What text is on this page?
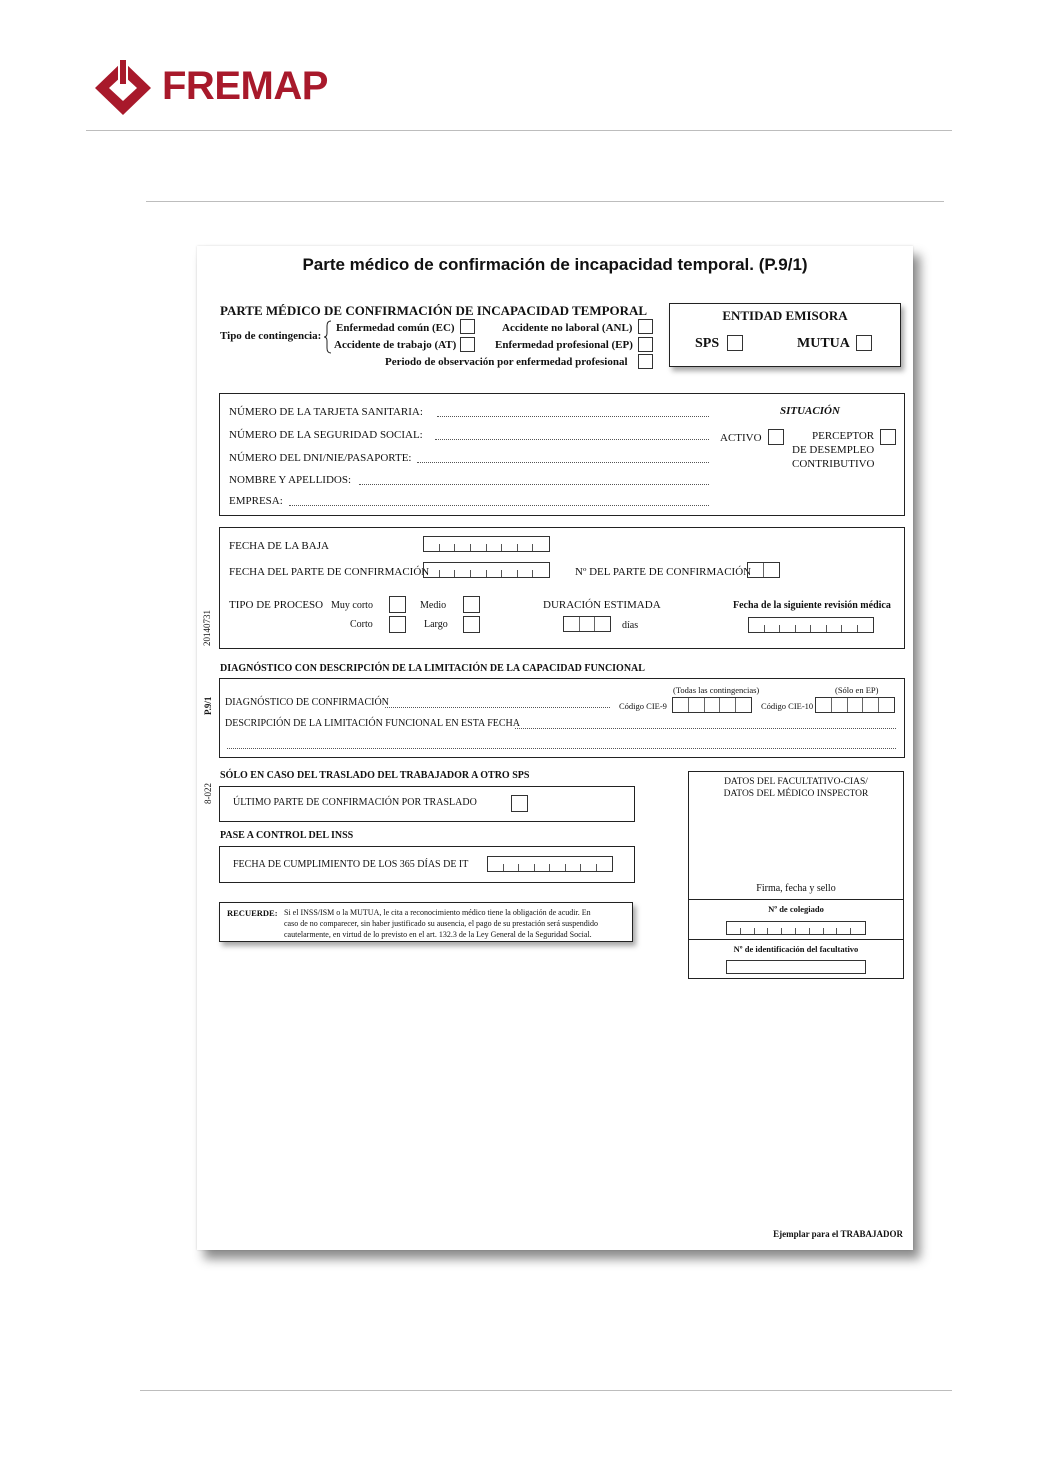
FREMAP
Parte médico de confirmación de incapacidad temporal. (P.9/1)
PARTE MÉDICO DE CONFIRMACIÓN DE INCAPACIDAD TEMPORAL
Tipo de contingencia:
Enfermedad común (EC)
Accidente de trabajo (AT)
Accidente no laboral (ANL)
Enfermedad profesional (EP)
Periodo de observación por enfermedad profesional
ENTIDAD EMISORA
SPS	MUTUA
NÚMERO DE LA TARJETA SANITARIA:
NÚMERO DE LA SEGURIDAD SOCIAL:
NÚMERO DEL DNI/NIE/PASAPORTE:
NOMBRE Y APELLIDOS:
EMPRESA:
SITUACIÓN
ACTIVO	PERCEPTOR
DE DESEMPLEO
CONTRIBUTIVO
20140731
FECHA DE LA BAJA
FECHA DEL PARTE DE CONFIRMACIÓN	Nº DEL PARTE DE CONFIRMACIÓN
TIPO DE PROCESO Muy corto	Medio
Corto	Largo
DURACIÓN ESTIMADA
días
Fecha de la siguiente revisión médica
DIAGNÓSTICO CON DESCRIPCIÓN DE LA LIMITACIÓN DE LA CAPACIDAD FUNCIONAL
P.9/1 DIAGNÓSTICO DE CONFIRMACIÓN
(Todas las contingencias)
Código CIE-9
(Sólo en EP)
Código CIE-10
DESCRIPCIÓN DE LA LIMITACIÓN FUNCIONAL EN ESTA FECHA
SÓLO EN CASO DEL TRASLADO DEL TRABAJADOR A OTRO SPS
8-022 ÚLTIMO PARTE DE CONFIRMACIÓN POR TRASLADO
PASE A CONTROL DEL INSS
FECHA DE CUMPLIMIENTO DE LOS 365 DÍAS DE IT
RECUERDE: Si el INSS/ISM o la MUTUA, le cita a reconocimiento médico tiene la obligación de acudir. En
caso de no comparecer, sin haber justificado su ausencia, el pago de su prestación será suspendido
cautelarmente, en virtud de lo previsto en el art. 132.3 de la Ley General de la Seguridad Social.
DATOS DEL FACULTATIVO-CIAS/
DATOS DEL MÉDICO INSPECTOR
Firma, fecha y sello
Nº de colegiado
Nº de identificación del facultativo
Ejemplar para el TRABAJADOR
